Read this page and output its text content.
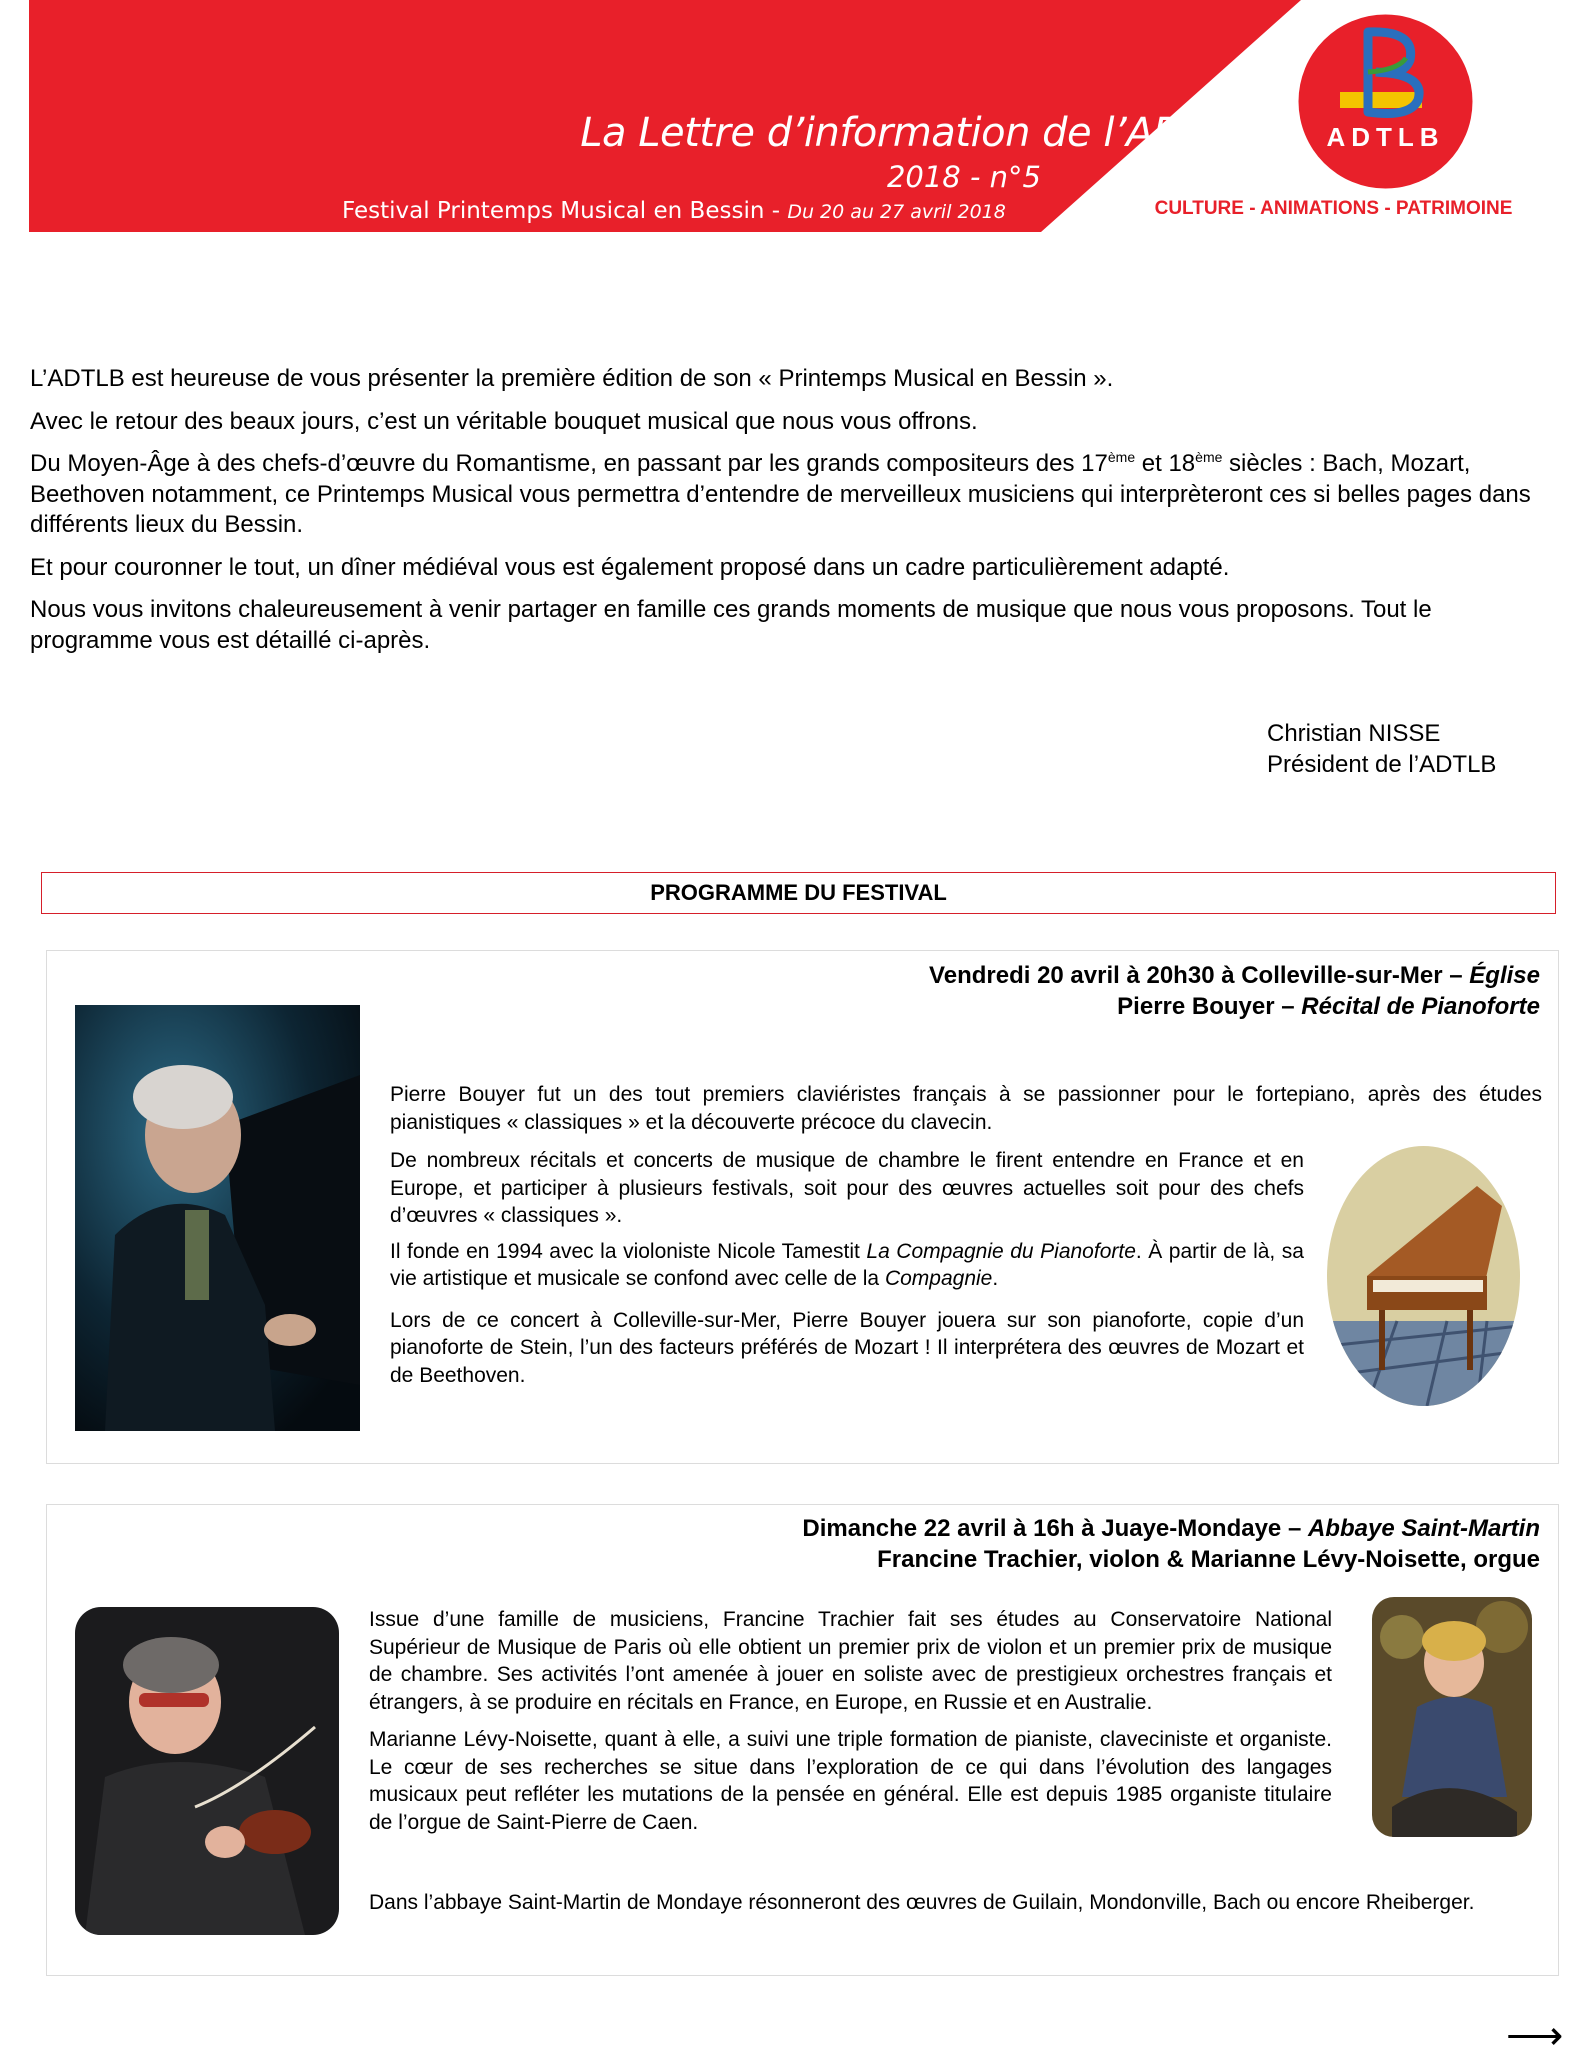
La Lettre d’information de l’ADTLB
2018 - n°5
Festival Printemps Musical en Bessin - Du 20 au 27 avril 2018
ADTLB
CULTURE - ANIMATIONS - PATRIMOINE

L’ADTLB est heureuse de vous présenter la première édition de son « Printemps Musical en Bessin ».

Avec le retour des beaux jours, c’est un véritable bouquet musical que nous vous offrons.

Du Moyen-Âge à des chefs-d’œuvre du Romantisme, en passant par les grands compositeurs des 17ème et 18ème siècles : Bach, Mozart, Beethoven notamment, ce Printemps Musical vous permettra d’entendre de merveilleux musiciens qui interprèteront ces si belles pages dans différents lieux du Bessin.

Et pour couronner le tout, un dîner médiéval vous est également proposé dans un cadre particulièrement adapté.

Nous vous invitons chaleureusement à venir partager en famille ces grands moments de musique que nous vous proposons. Tout le programme vous est détaillé ci-après.

Christian NISSE
Président de l’ADTLB
PROGRAMME DU FESTIVAL
Vendredi 20 avril à 20h30 à Colleville-sur-Mer – Église
Pierre Bouyer – Récital de Pianoforte

Pierre Bouyer fut un des tout premiers claviéristes français à se passionner pour le fortepiano, après des études pianistiques « classiques » et la découverte précoce du clavecin.

De nombreux récitals et concerts de musique de chambre le firent entendre en France et en Europe, et participer à plusieurs festivals, soit pour des œuvres actuelles soit pour des chefs d’œuvres « classiques ».

Il fonde en 1994 avec la violoniste Nicole Tamestit La Compagnie du Pianoforte. À partir de là, sa vie artistique et musicale se confond avec celle de la Compagnie.

Lors de ce concert à Colleville-sur-Mer, Pierre Bouyer jouera sur son pianoforte, copie d’un pianoforte de Stein, l’un des facteurs préférés de Mozart ! Il interprétera des œuvres de Mozart et de Beethoven.

Dimanche 22 avril à 16h à Juaye-Mondaye – Abbaye Saint-Martin
Francine Trachier, violon & Marianne Lévy-Noisette, orgue

Issue d’une famille de musiciens, Francine Trachier fait ses études au Conservatoire National Supérieur de Musique de Paris où elle obtient un premier prix de violon et un premier prix de musique de chambre. Ses activités l’ont amenée à jouer en soliste avec de prestigieux orchestres français et étrangers, à se produire en récitals en France, en Europe, en Russie et en Australie.

Marianne Lévy-Noisette, quant à elle, a suivi une triple formation de pianiste, claveciniste et organiste. Le cœur de ses recherches se situe dans l’exploration de ce qui dans l’évolution des langages musicaux peut refléter les mutations de la pensée en général. Elle est depuis 1985 organiste titulaire de l’orgue de Saint-Pierre de Caen.

Dans l’abbaye Saint-Martin de Mondaye résonneront des œuvres de Guilain, Mondonville, Bach ou encore Rheiberger.

⟶
